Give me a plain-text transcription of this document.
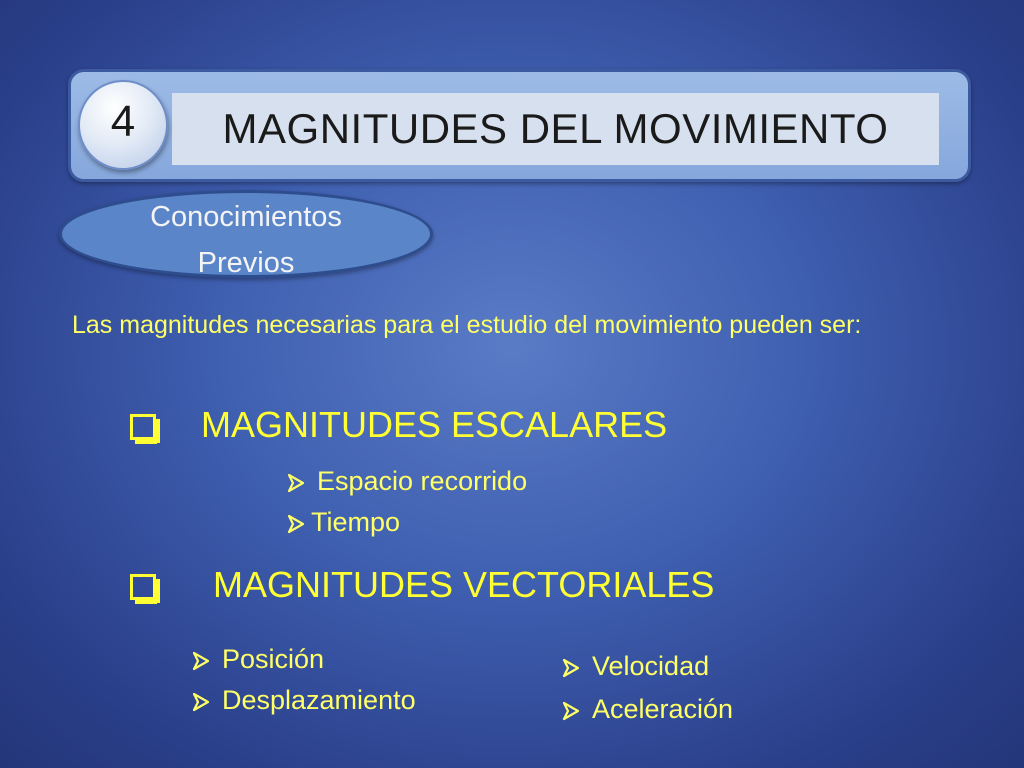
MAGNITUDES DEL MOVIMIENTO
4
Conocimientos
Previos
Las magnitudes necesarias para el estudio del movimiento pueden ser:
MAGNITUDES ESCALARES
Espacio recorrido
Tiempo
MAGNITUDES VECTORIALES
Posición
Desplazamiento
Velocidad
Aceleración
